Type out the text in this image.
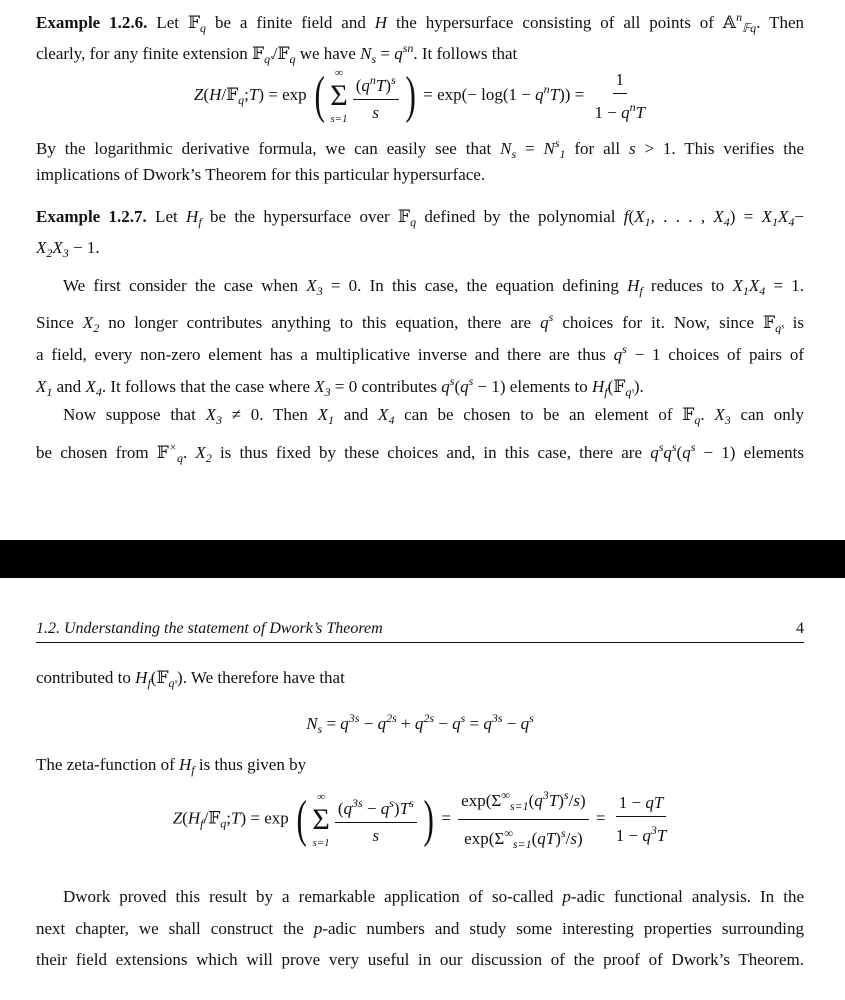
Example 1.2.6. Let 𝔽$_q$ be a finite field and H the hypersurface consisting of all points of 𝔸$^n_{𝔽q}$. Then
clearly, for any finite extension 𝔽$_{qˢ}$/𝔽$_q$ we have $N_s = q^{sn}$. It follows that
Z(H/𝔽$_q$;T) = exp ( ∞
Σ
$s=1 \frac{(q^nT)^s}{s}$ ) = $\exp(- \log(1 - q^nT)) = \frac{1}{1 - q^nT}$
By the logarithmic derivative formula, we can easily see that $N_s = N^s_1$ for all s > 1. This verifies the
implications of Dwork’s Theorem for this particular hypersurface.
Example 1.2.7. Let $H_f$ be the hypersurface over 𝔽$_q$ defined by the polynomial $f(X_1$, . . . , $X_4) = X_1X_4-$
$X_2X_3 - 1$.
We first consider the case when $X_3 = 0$. In this case, the equation defining $H_f$ reduces to $X_1X_4 = 1$.
Since $X_2$ no longer contributes anything to this equation, there are $q^s$ choices for it. Now, since 𝔽$_{qˢ}$ is
a field, every non-zero element has a multiplicative inverse and there are thus $q^s - 1$ choices of pairs of
$X_1$ and $X_4$. It follows that the case where $X_3 = 0$ contributes $q^s(q^s - 1)$ elements to $H_f(𝔽_{qˢ})$.
Now suppose that $X_3 \ne 0$. Then $X_1$ and $X_4$ can be chosen to be an element of 𝔽$_q$. $X_3$ can only
be chosen from 𝔽×$_q$. $X_2$ is thus fixed by these choices and, in this case, there are $q^sq^s(q^s - 1)$ elements
1.2. Understanding the statement of Dwork’s Theorem	4
contributed to $H_f(𝔽_{qˢ})$. We therefore have that
$N_s = q^{3s} - q^{2s} + q^{2s} - q^s = q^{3s} - q^s$
The zeta-function of $H_f$ is thus given by
$Z(H_f/𝔽_q;T) = \exp$ ( ∞
Σ
$s=1 \frac{(q^{3s} - q^s)T^s}{s}$ ) = $\frac{\exp(\Sigma^\infty_{s=1}(q^3T)^s/s)}{\exp(\Sigma^\infty_{s=1}(qT)^s/s)} = \frac{1 - qT}{1 - q^3T}$
Dwork proved this result by a remarkable application of so-called p-adic functional analysis. In the
next chapter, we shall construct the p-adic numbers and study some interesting properties surrounding
their field extensions which will prove very useful in our discussion of the proof of Dwork’s Theorem.
